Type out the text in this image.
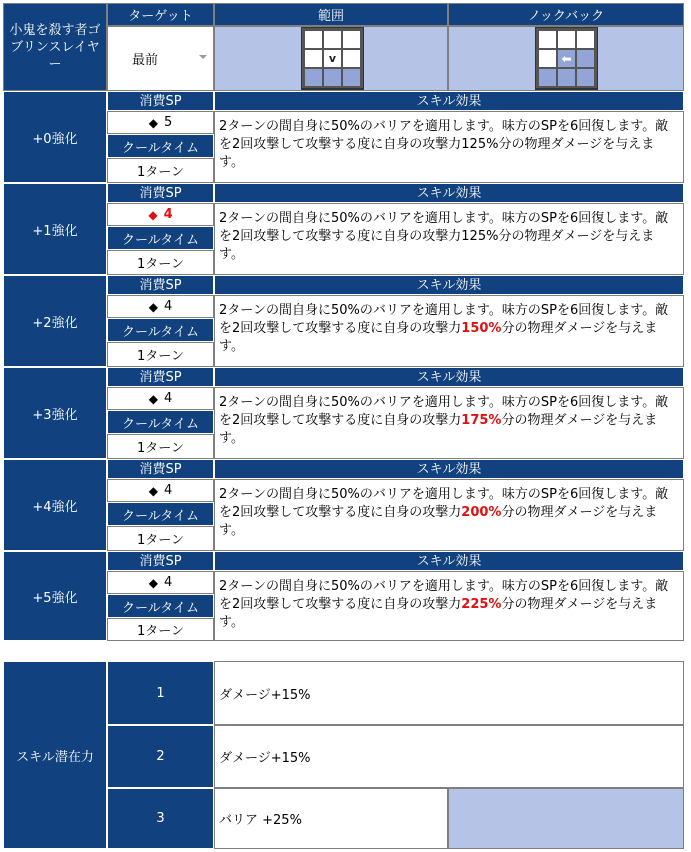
小鬼を殺す者ゴブリンスレイヤー
ターゲット	範囲	ノックバック
最前	v	⬅
+0強化
消費SP	スキル効果
◆ 5
クールタイム
1ターン
2ターンの間自身に50%のバリアを適用します。味方のSPを6回復します。敵を2回攻撃して攻撃する度に自身の攻撃力125%分の物理ダメージを与えます。
+1強化
消費SP	スキル効果
◆ 4
クールタイム
1ターン
2ターンの間自身に50%のバリアを適用します。味方のSPを6回復します。敵を2回攻撃して攻撃する度に自身の攻撃力125%分の物理ダメージを与えます。
+2強化
消費SP	スキル効果
◆ 4
クールタイム
1ターン
2ターンの間自身に50%のバリアを適用します。味方のSPを6回復します。敵を2回攻撃して攻撃する度に自身の攻撃力150%分の物理ダメージを与えます。
+3強化
消費SP	スキル効果
◆ 4
クールタイム
1ターン
2ターンの間自身に50%のバリアを適用します。味方のSPを6回復します。敵を2回攻撃して攻撃する度に自身の攻撃力175%分の物理ダメージを与えます。
+4強化
消費SP	スキル効果
◆ 4
クールタイム
1ターン
2ターンの間自身に50%のバリアを適用します。味方のSPを6回復します。敵を2回攻撃して攻撃する度に自身の攻撃力200%分の物理ダメージを与えます。
+5強化
消費SP	スキル効果
◆ 4
クールタイム
1ターン
2ターンの間自身に50%のバリアを適用します。味方のSPを6回復します。敵を2回攻撃して攻撃する度に自身の攻撃力225%分の物理ダメージを与えます。
スキル潜在力
1	ダメージ+15%
2	ダメージ+15%
3	バリア +25%
